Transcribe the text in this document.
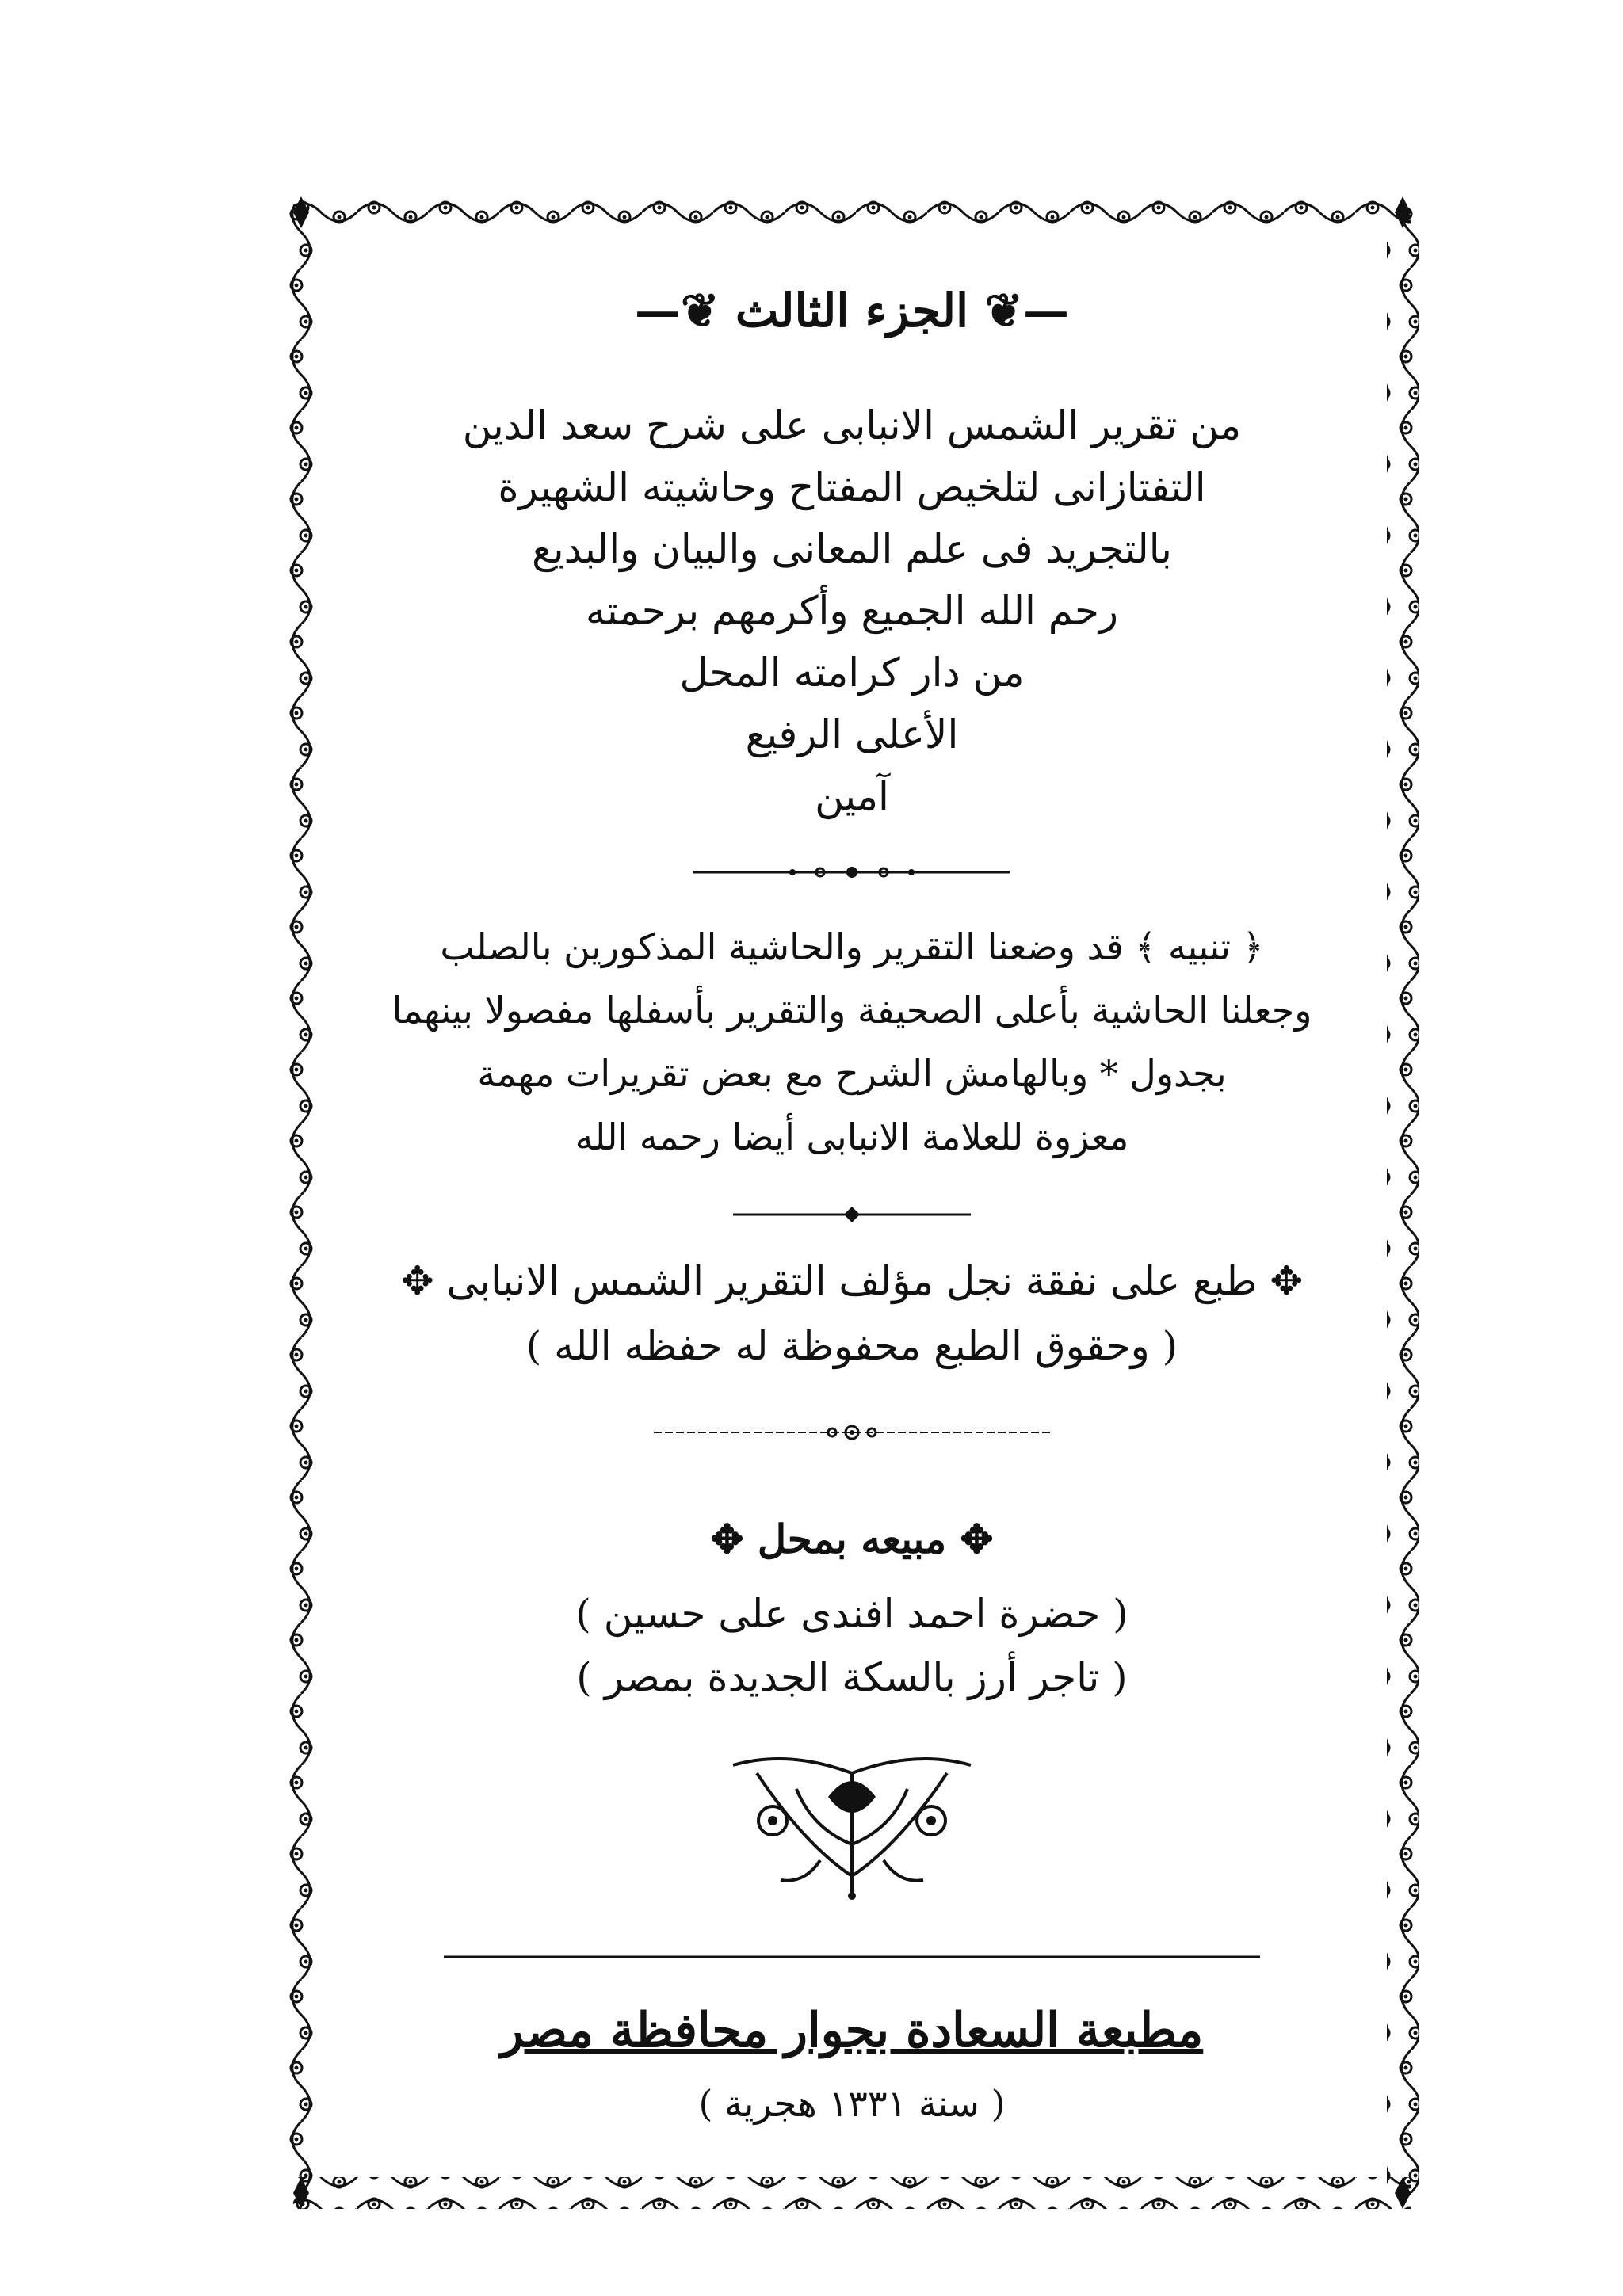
—❦ الجزء الثالث ❦—
من تقرير الشمس الانبابى على شرح سعد الدين
التفتازانى لتلخيص المفتاح وحاشيته الشهيرة
بالتجريد فى علم المعانى والبيان والبديع
رحم الله الجميع وأكرمهم برحمته
من دار كرامته المحل
الأعلى الرفيع
آمين
﴿ تنبيه ﴾ قد وضعنا التقرير والحاشية المذكورين بالصلب
وجعلنا الحاشية بأعلى الصحيفة والتقرير بأسفلها مفصولا بينهما
بجدول * وبالهامش الشرح مع بعض تقريرات مهمة
معزوة للعلامة الانبابى أيضا رحمه الله
✥ طبع على نفقة نجل مؤلف التقرير الشمس الانبابى ✥
( وحقوق الطبع محفوظة له حفظه الله )
✥ مبيعه بمحل ✥
( حضرة احمد افندى على حسين )
( تاجر أرز بالسكة الجديدة بمصر )
مطبعة السعادة بجوار محافظة مصر
( سنة ١٣٣١ هجرية )
